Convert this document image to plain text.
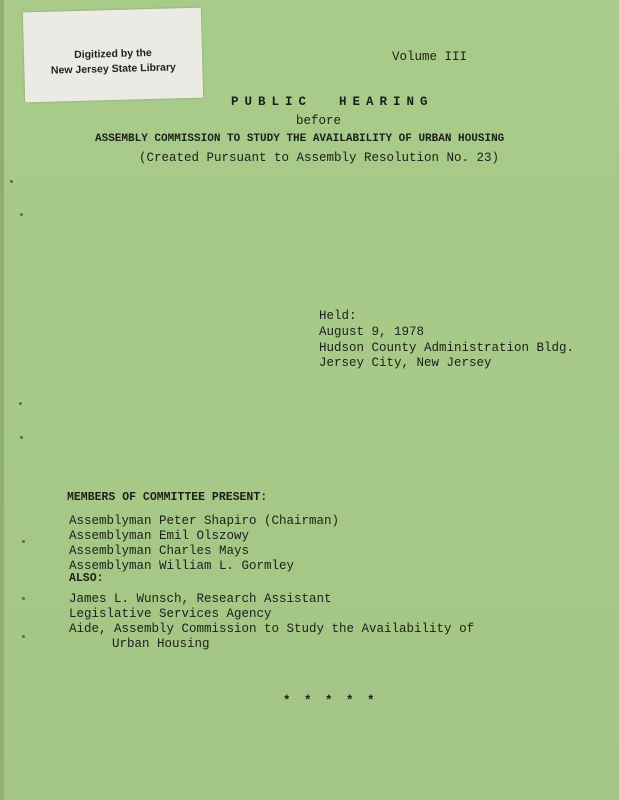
Digitized by the
New Jersey State Library
Volume III
PUBLIC  HEARING
before
ASSEMBLY COMMISSION TO STUDY THE AVAILABILITY OF URBAN HOUSING
(Created Pursuant to Assembly Resolution No. 23)
Held:
August 9, 1978
Hudson County Administration Bldg.
Jersey City, New Jersey
MEMBERS OF COMMITTEE PRESENT:
Assemblyman Peter Shapiro (Chairman)
Assemblyman Emil Olszowy
Assemblyman Charles Mays
Assemblyman William L. Gormley
ALSO:
James L. Wunsch, Research Assistant
Legislative Services Agency
Aide, Assembly Commission to Study the Availability of
Urban Housing
* * * * *
